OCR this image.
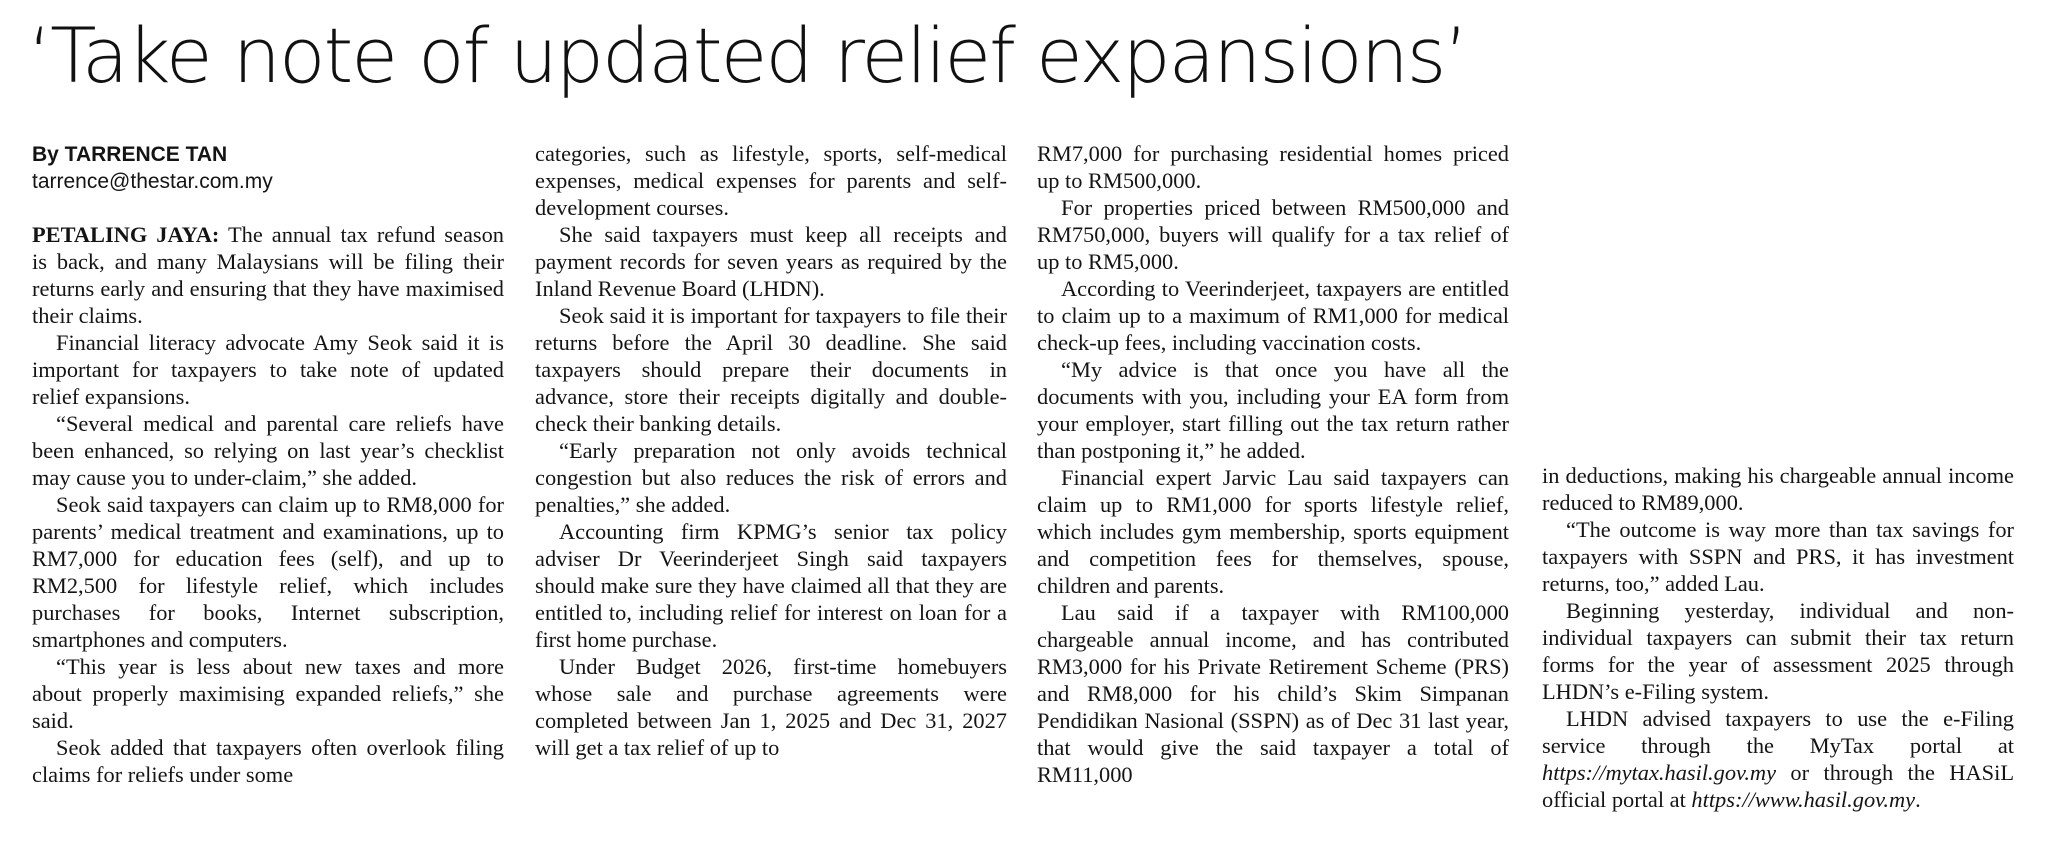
‘Take note of updated relief expansions’
By TARRENCE TAN
tarrence@thestar.com.my

PETALING JAYA: The annual tax refund season is back, and many Malaysians will be filing their returns early and ensuring that they have maximised their claims.

Financial literacy advocate Amy Seok said it is important for taxpayers to take note of updated relief expansions.

“Several medical and parental care reliefs have been enhanced, so relying on last year’s checklist may cause you to under-claim,” she added.

Seok said taxpayers can claim up to RM8,000 for parents’ medical treatment and examinations, up to RM7,000 for education fees (self), and up to RM2,500 for lifestyle relief, which includes purchases for books, Internet subscription, smartphones and computers.

“This year is less about new taxes and more about properly maximising expanded reliefs,” she said.

Seok added that taxpayers often overlook filing claims for reliefs under some

categories, such as lifestyle, sports, self-medical expenses, medical expenses for parents and self-development courses.

She said taxpayers must keep all receipts and payment records for seven years as required by the Inland Revenue Board (LHDN).

Seok said it is important for taxpayers to file their returns before the April 30 deadline. She said taxpayers should prepare their documents in advance, store their receipts digitally and double-check their banking details.

“Early preparation not only avoids technical congestion but also reduces the risk of errors and penalties,” she added.

Accounting firm KPMG’s senior tax policy adviser Dr Veerinderjeet Singh said taxpayers should make sure they have claimed all that they are entitled to, including relief for interest on loan for a first home purchase.

Under Budget 2026, first-time homebuyers whose sale and purchase agreements were completed between Jan 1, 2025 and Dec 31, 2027 will get a tax relief of up to

RM7,000 for purchasing residential homes priced up to RM500,000.

For properties priced between RM500,000 and RM750,000, buyers will qualify for a tax relief of up to RM5,000.

According to Veerinderjeet, taxpayers are entitled to claim up to a maximum of RM1,000 for medical check-up fees, including vaccination costs.

“My advice is that once you have all the documents with you, including your EA form from your employer, start filling out the tax return rather than postponing it,” he added.

Financial expert Jarvic Lau said taxpayers can claim up to RM1,000 for sports lifestyle relief, which includes gym membership, sports equipment and competition fees for themselves, spouse, children and parents.

Lau said if a taxpayer with RM100,000 chargeable annual income, and has contributed RM3,000 for his Private Retirement Scheme (PRS) and RM8,000 for his child’s Skim Simpanan Pendidikan Nasional (SSPN) as of Dec 31 last year, that would give the said taxpayer a total of RM11,000

in deductions, making his chargeable annual income reduced to RM89,000.

“The outcome is way more than tax savings for taxpayers with SSPN and PRS, it has investment returns, too,” added Lau.

Beginning yesterday, individual and non-individual taxpayers can submit their tax return forms for the year of assessment 2025 through LHDN’s e-Filing system.

LHDN advised taxpayers to use the e-Filing service through the MyTax portal at https://mytax.hasil.gov.my or through the HASiL official portal at https://www.hasil.gov.my.
